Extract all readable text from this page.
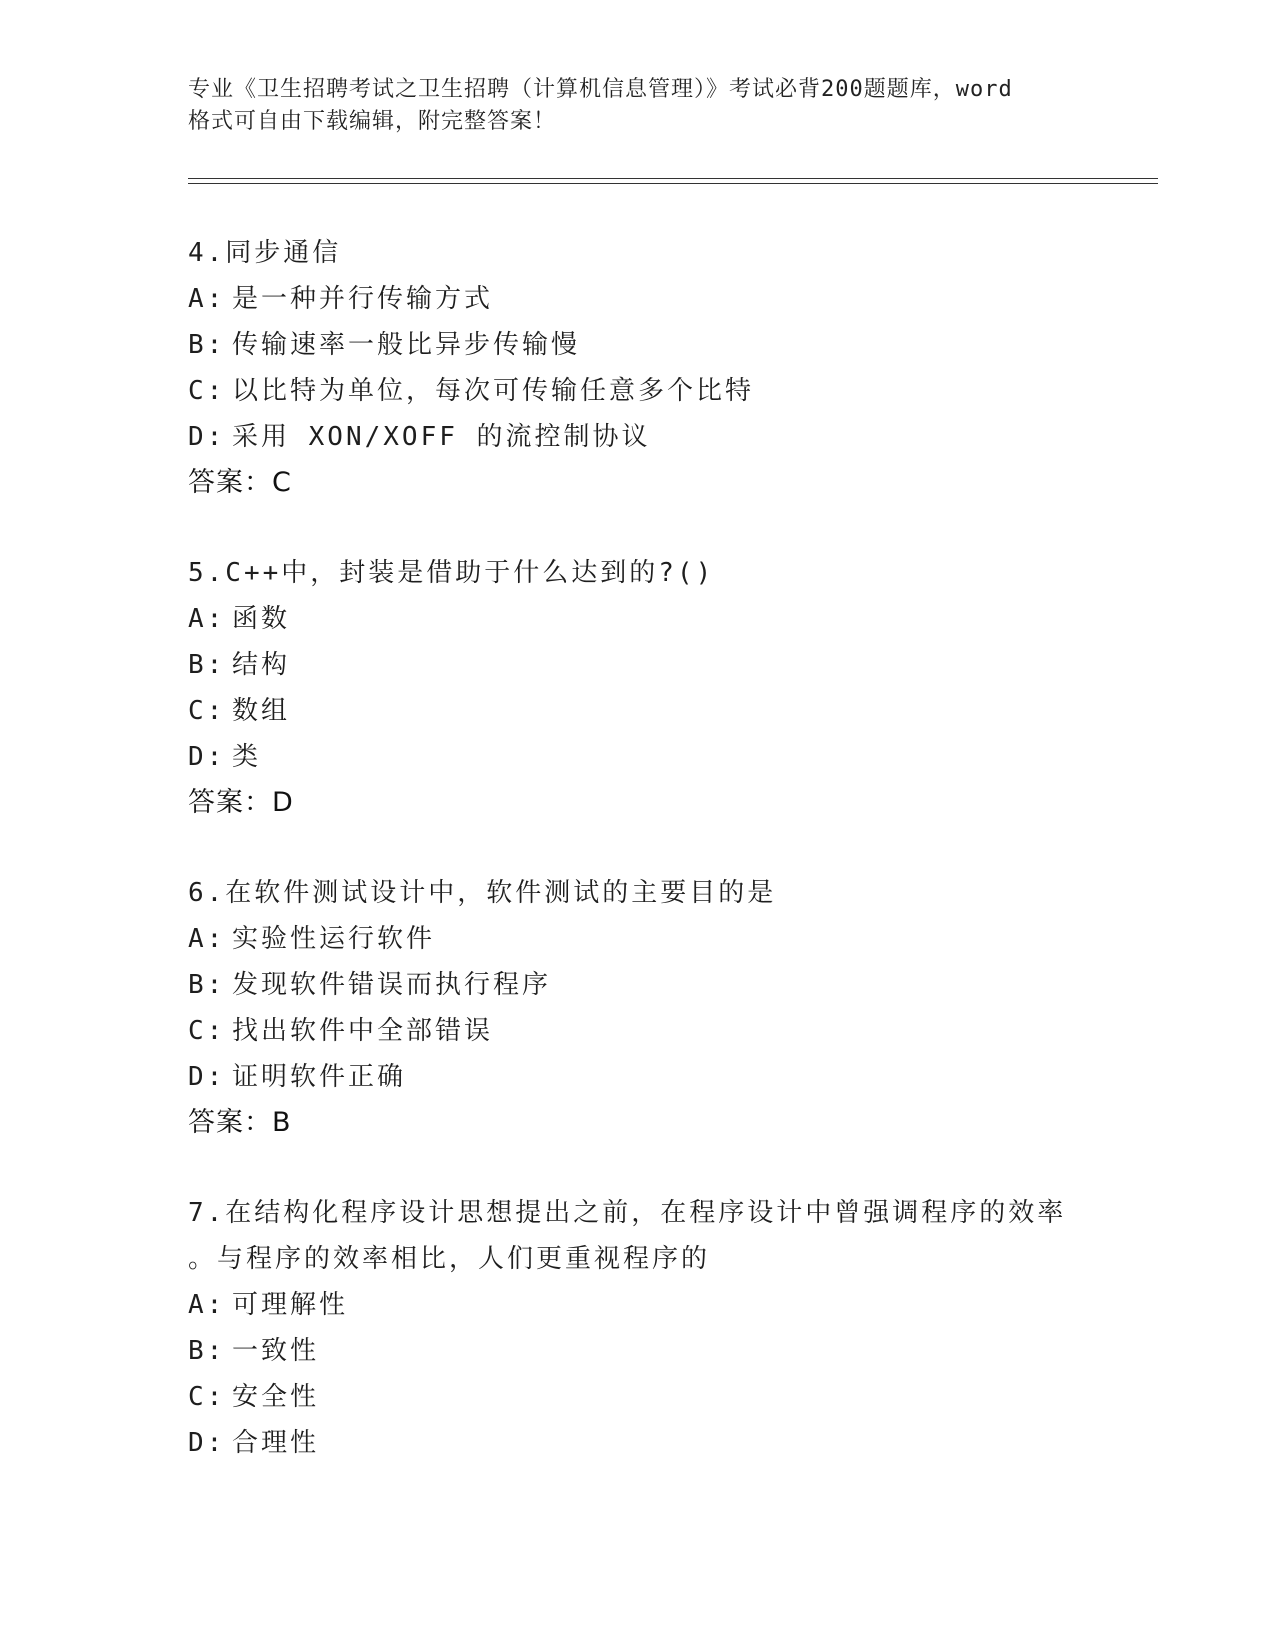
专业《卫生招聘考试之卫生招聘（计算机信息管理）》考试必背200题题库，word
格式可自由下载编辑，附完整答案！
4.同步通信
A: 是一种并行传输方式
B: 传输速率一般比异步传输慢
C: 以比特为单位，每次可传输任意多个比特
D: 采用 XON/XOFF 的流控制协议
答案：C
5.C++中，封装是借助于什么达到的?()
A: 函数
B: 结构
C: 数组
D: 类
答案：D
6.在软件测试设计中，软件测试的主要目的是
A: 实验性运行软件
B: 发现软件错误而执行程序
C: 找出软件中全部错误
D: 证明软件正确
答案：B
7.在结构化程序设计思想提出之前，在程序设计中曾强调程序的效率
。与程序的效率相比，人们更重视程序的
A: 可理解性
B: 一致性
C: 安全性
D: 合理性
